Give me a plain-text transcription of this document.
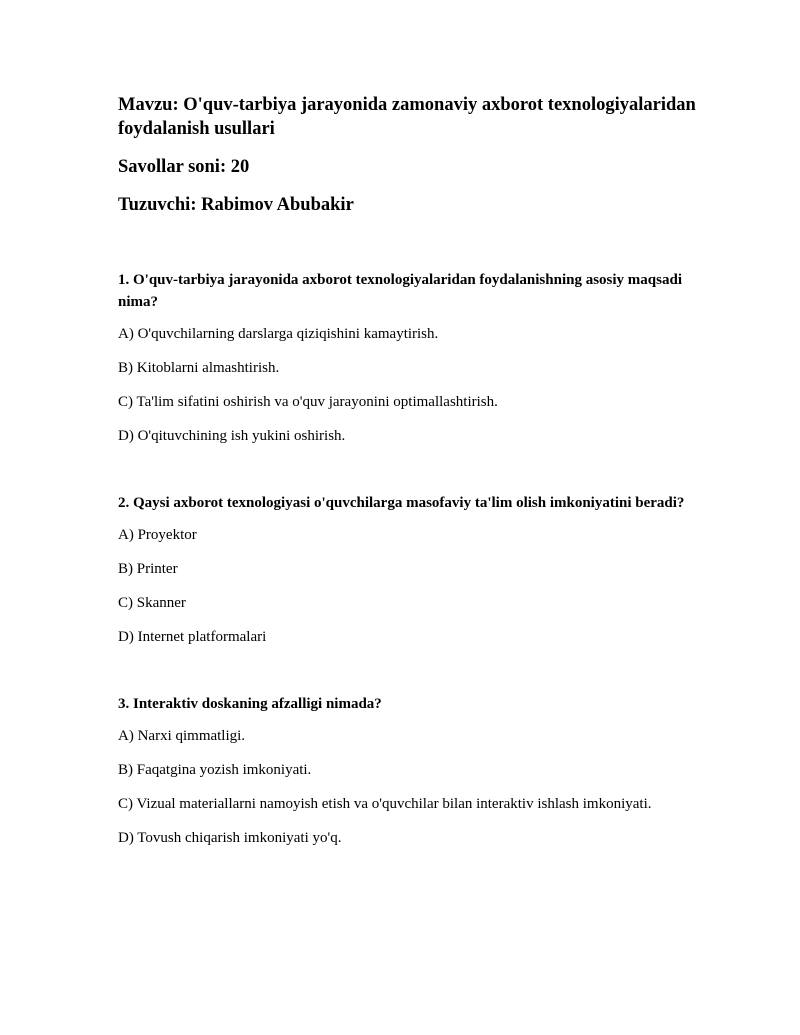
Mavzu: O'quv-tarbiya jarayonida zamonaviy axborot texnologiyalaridan foydalanish usullari

Savollar soni: 20

Tuzuvchi: Rabimov Abubakir

1. O'quv-tarbiya jarayonida axborot texnologiyalaridan foydalanishning asosiy maqsadi nima?

A) O'quvchilarning darslarga qiziqishini kamaytirish.

B) Kitoblarni almashtirish.

C) Ta'lim sifatini oshirish va o'quv jarayonini optimallashtirish.

D) O'qituvchining ish yukini oshirish.

2. Qaysi axborot texnologiyasi o'quvchilarga masofaviy ta'lim olish imkoniyatini beradi?

A) Proyektor

B) Printer

C) Skanner

D) Internet platformalari

3. Interaktiv doskaning afzalligi nimada?

A) Narxi qimmatligi.

B) Faqatgina yozish imkoniyati.

C) Vizual materiallarni namoyish etish va o'quvchilar bilan interaktiv ishlash imkoniyati.

D) Tovush chiqarish imkoniyati yo'q.
